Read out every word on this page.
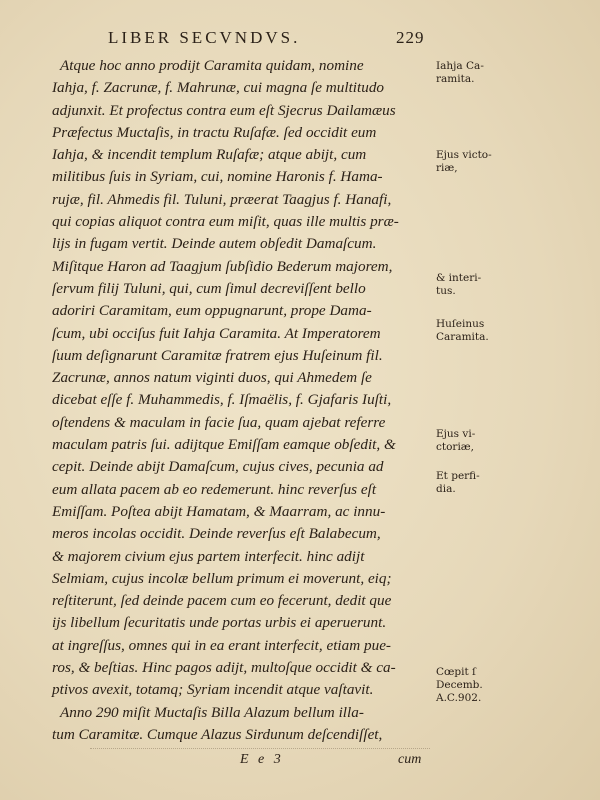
LIBER SECVNDVS.	229
Atque hoc anno prodijt Caramita quidam, nomine
Iahja, f. Zacrunæ, f. Mahrunæ, cui magna ſe multitudo
adjunxit. Et profectus contra eum eſt Sjecrus Dailamæus
Præfectus Muctaſis, in tractu Ruſafæ. ſed occidit eum
Iahja, & incendit templum Ruſafæ; atque abijt, cum
militibus ſuis in Syriam, cui, nomine Haronis f. Hama-
rujæ, fil. Ahmedis fil. Tuluni, præerat Taagjus f. Hanafi,
qui copias aliquot contra eum miſit, quas ille multis præ-
lijs in fugam vertit. Deinde autem obſedit Damaſcum.
Miſitque Haron ad Taagjum ſubſidio Bederum majorem,
ſervum filij Tuluni, qui, cum ſimul decreviſſent bello
adoriri Caramitam, eum oppugnarunt, prope Dama-
ſcum, ubi occiſus fuit Iahja Caramita. At Imperatorem
ſuum deſignarunt Caramitæ fratrem ejus Huſeinum fil.
Zacrunæ, annos natum viginti duos, qui Ahmedem ſe
dicebat eſſe f. Muhammedis, f. Iſmaëlis, f. Gjafaris Iuſti,
oſtendens & maculam in facie ſua, quam ajebat referre
maculam patris ſui. adijtque Emiſſam eamque obſedit, &
cepit. Deinde abijt Damaſcum, cujus cives, pecunia ad
eum allata pacem ab eo redemerunt. hinc reverſus eſt
Emiſſam. Poſtea abijt Hamatam, & Maarram, ac innu-
meros incolas occidit. Deinde reverſus eſt Balabecum,
& majorem civium ejus partem interfecit. hinc adijt
Selmiam, cujus incolæ bellum primum ei moverunt, eiq;
reſtiterunt, ſed deinde pacem cum eo fecerunt, dedit que
ijs libellum ſecuritatis unde portas urbis ei aperuerunt.
at ingreſſus, omnes qui in ea erant interfecit, etiam pue-
ros, & beſtias. Hinc pagos adijt, multoſque occidit & ca-
ptivos avexit, totamq; Syriam incendit atque vaſtavit.
Anno 290 miſit Muctaſis Billa Alazum bellum illa-
tum Caramitæ. Cumque Alazus Sirdunum deſcendiſſet,
Iahja Ca-
ramita.
Ejus victo-
riæ,
& interi-
tus.
Huſeinus
Caramita.
Ejus vi-
ctoriæ,
Et perfi-
dia.
Cœpit ſ
Decemb.
A.C.902.
E e 3	cum
